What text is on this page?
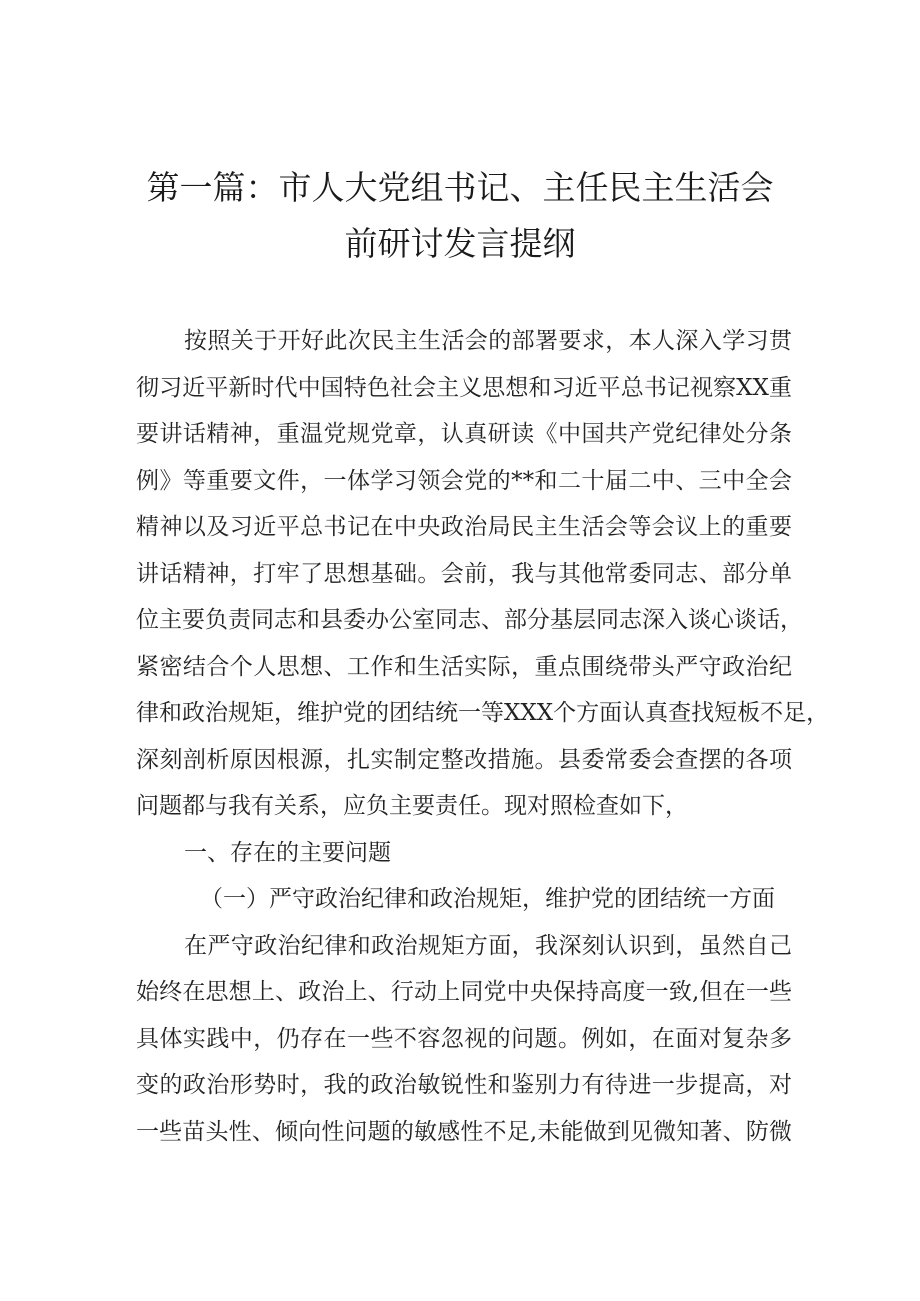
第一篇：市人大党组书记、主任民主生活会
前研讨发言提纲
按照关于开好此次民主生活会的部署要求，本人深入学习贯
彻习近平新时代中国特色社会主义思想和习近平总书记视察XX重
要讲话精神，重温党规党章，认真研读《中国共产党纪律处分条
例》等重要文件，一体学习领会党的**和二十届二中、三中全会
精神以及习近平总书记在中央政治局民主生活会等会议上的重要
讲话精神，打牢了思想基础。会前，我与其他常委同志、部分单
位主要负责同志和县委办公室同志、部分基层同志深入谈心谈话，
紧密结合个人思想、工作和生活实际，重点围绕带头严守政治纪
律和政治规矩，维护党的团结统一等XXX个方面认真查找短板不足，
深刻剖析原因根源，扎实制定整改措施。县委常委会查摆的各项
问题都与我有关系，应负主要责任。现对照检查如下，
一、存在的主要问题
（一）严守政治纪律和政治规矩，维护党的团结统一方面
在严守政治纪律和政治规矩方面，我深刻认识到，虽然自己
始终在思想上、政治上、行动上同党中央保持高度一致,但在一些
具体实践中，仍存在一些不容忽视的问题。例如，在面对复杂多
变的政治形势时，我的政治敏锐性和鉴别力有待进一步提高，对
一些苗头性、倾向性问题的敏感性不足,未能做到见微知著、防微
